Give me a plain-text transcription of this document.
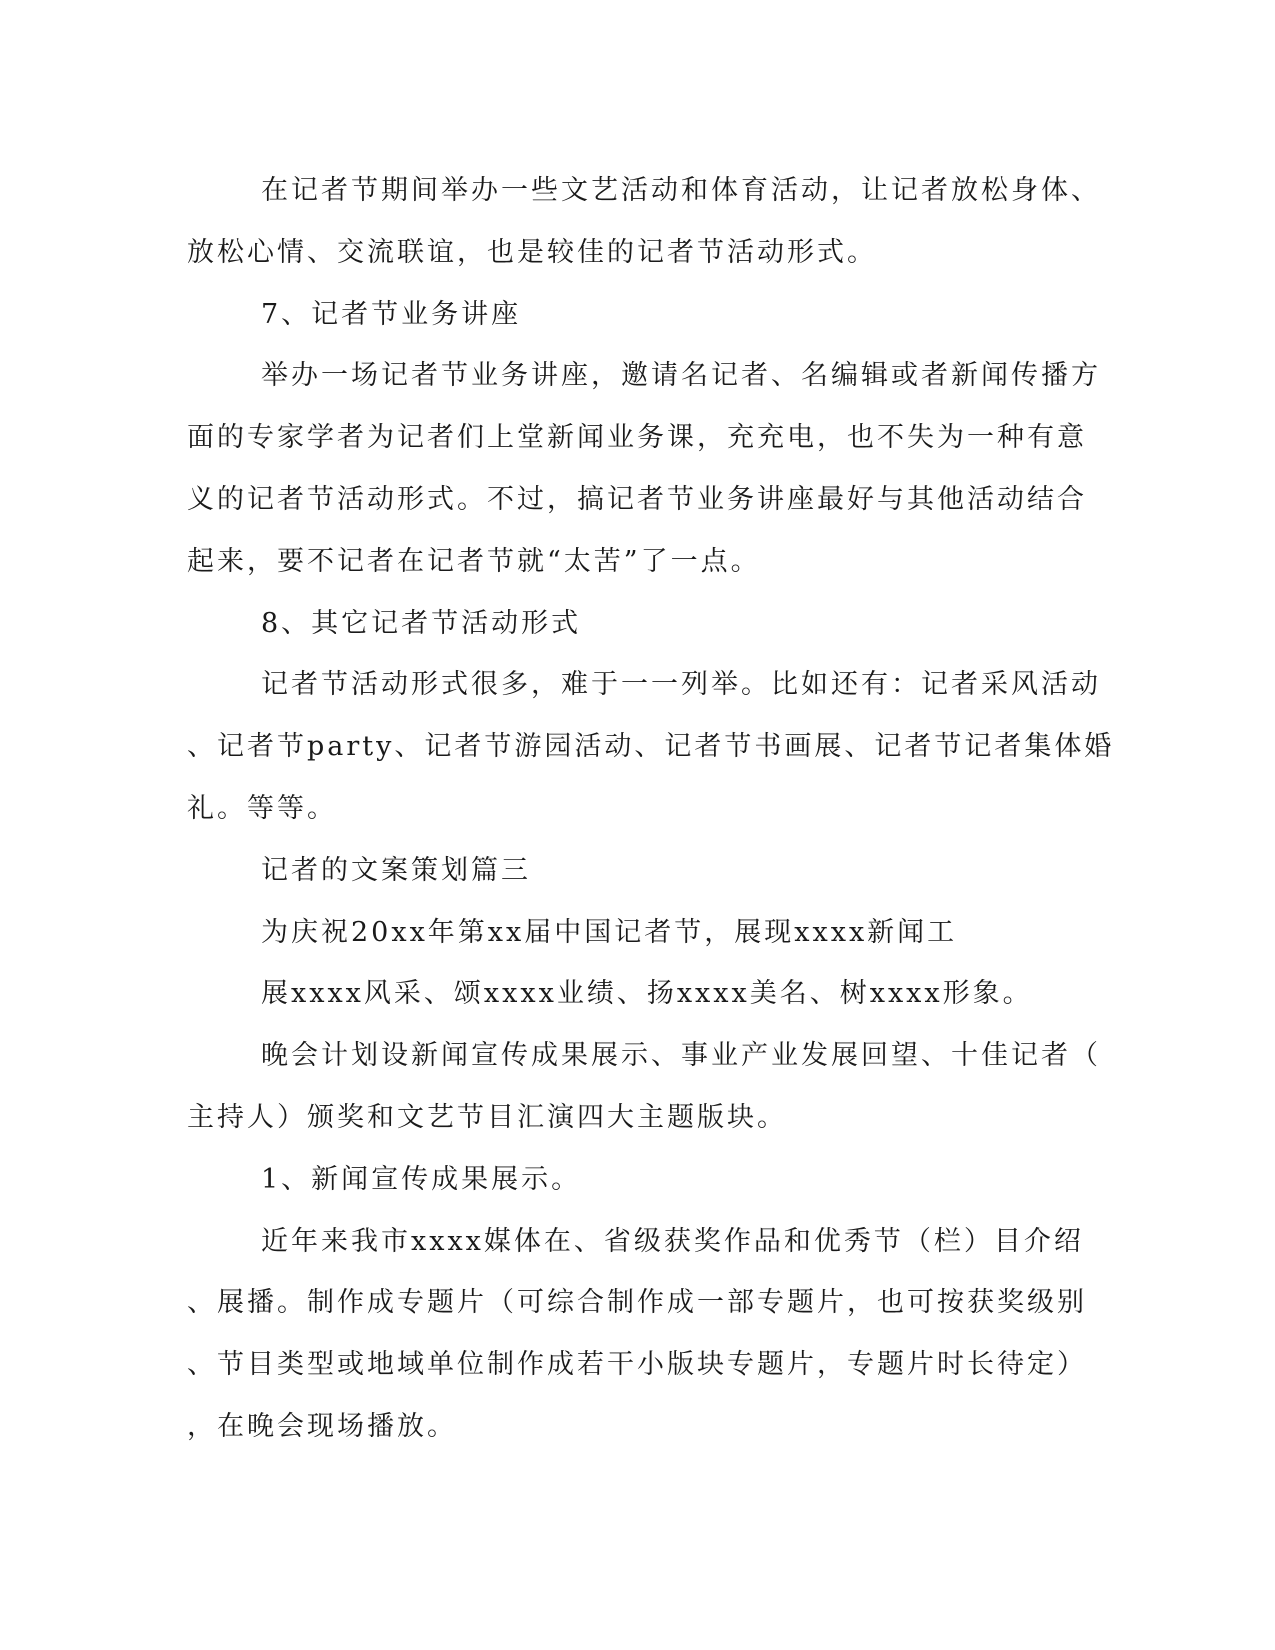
在记者节期间举办一些文艺活动和体育活动，让记者放松身体、
放松心情、交流联谊，也是较佳的记者节活动形式。
7、记者节业务讲座
举办一场记者节业务讲座，邀请名记者、名编辑或者新闻传播方
面的专家学者为记者们上堂新闻业务课，充充电，也不失为一种有意
义的记者节活动形式。不过，搞记者节业务讲座最好与其他活动结合
起来，要不记者在记者节就“太苦”了一点。
8、其它记者节活动形式
记者节活动形式很多，难于一一列举。比如还有：记者采风活动
、记者节party、记者节游园活动、记者节书画展、记者节记者集体婚
礼。等等。
记者的文案策划篇三
为庆祝20xx年第xx届中国记者节，展现xxxx新闻工
展xxxx风采、颂xxxx业绩、扬xxxx美名、树xxxx形象。
晚会计划设新闻宣传成果展示、事业产业发展回望、十佳记者（
主持人）颁奖和文艺节目汇演四大主题版块。
1、新闻宣传成果展示。
近年来我市xxxx媒体在、省级获奖作品和优秀节（栏）目介绍
、展播。制作成专题片（可综合制作成一部专题片，也可按获奖级别
、节目类型或地域单位制作成若干小版块专题片，专题片时长待定）
，在晚会现场播放。
